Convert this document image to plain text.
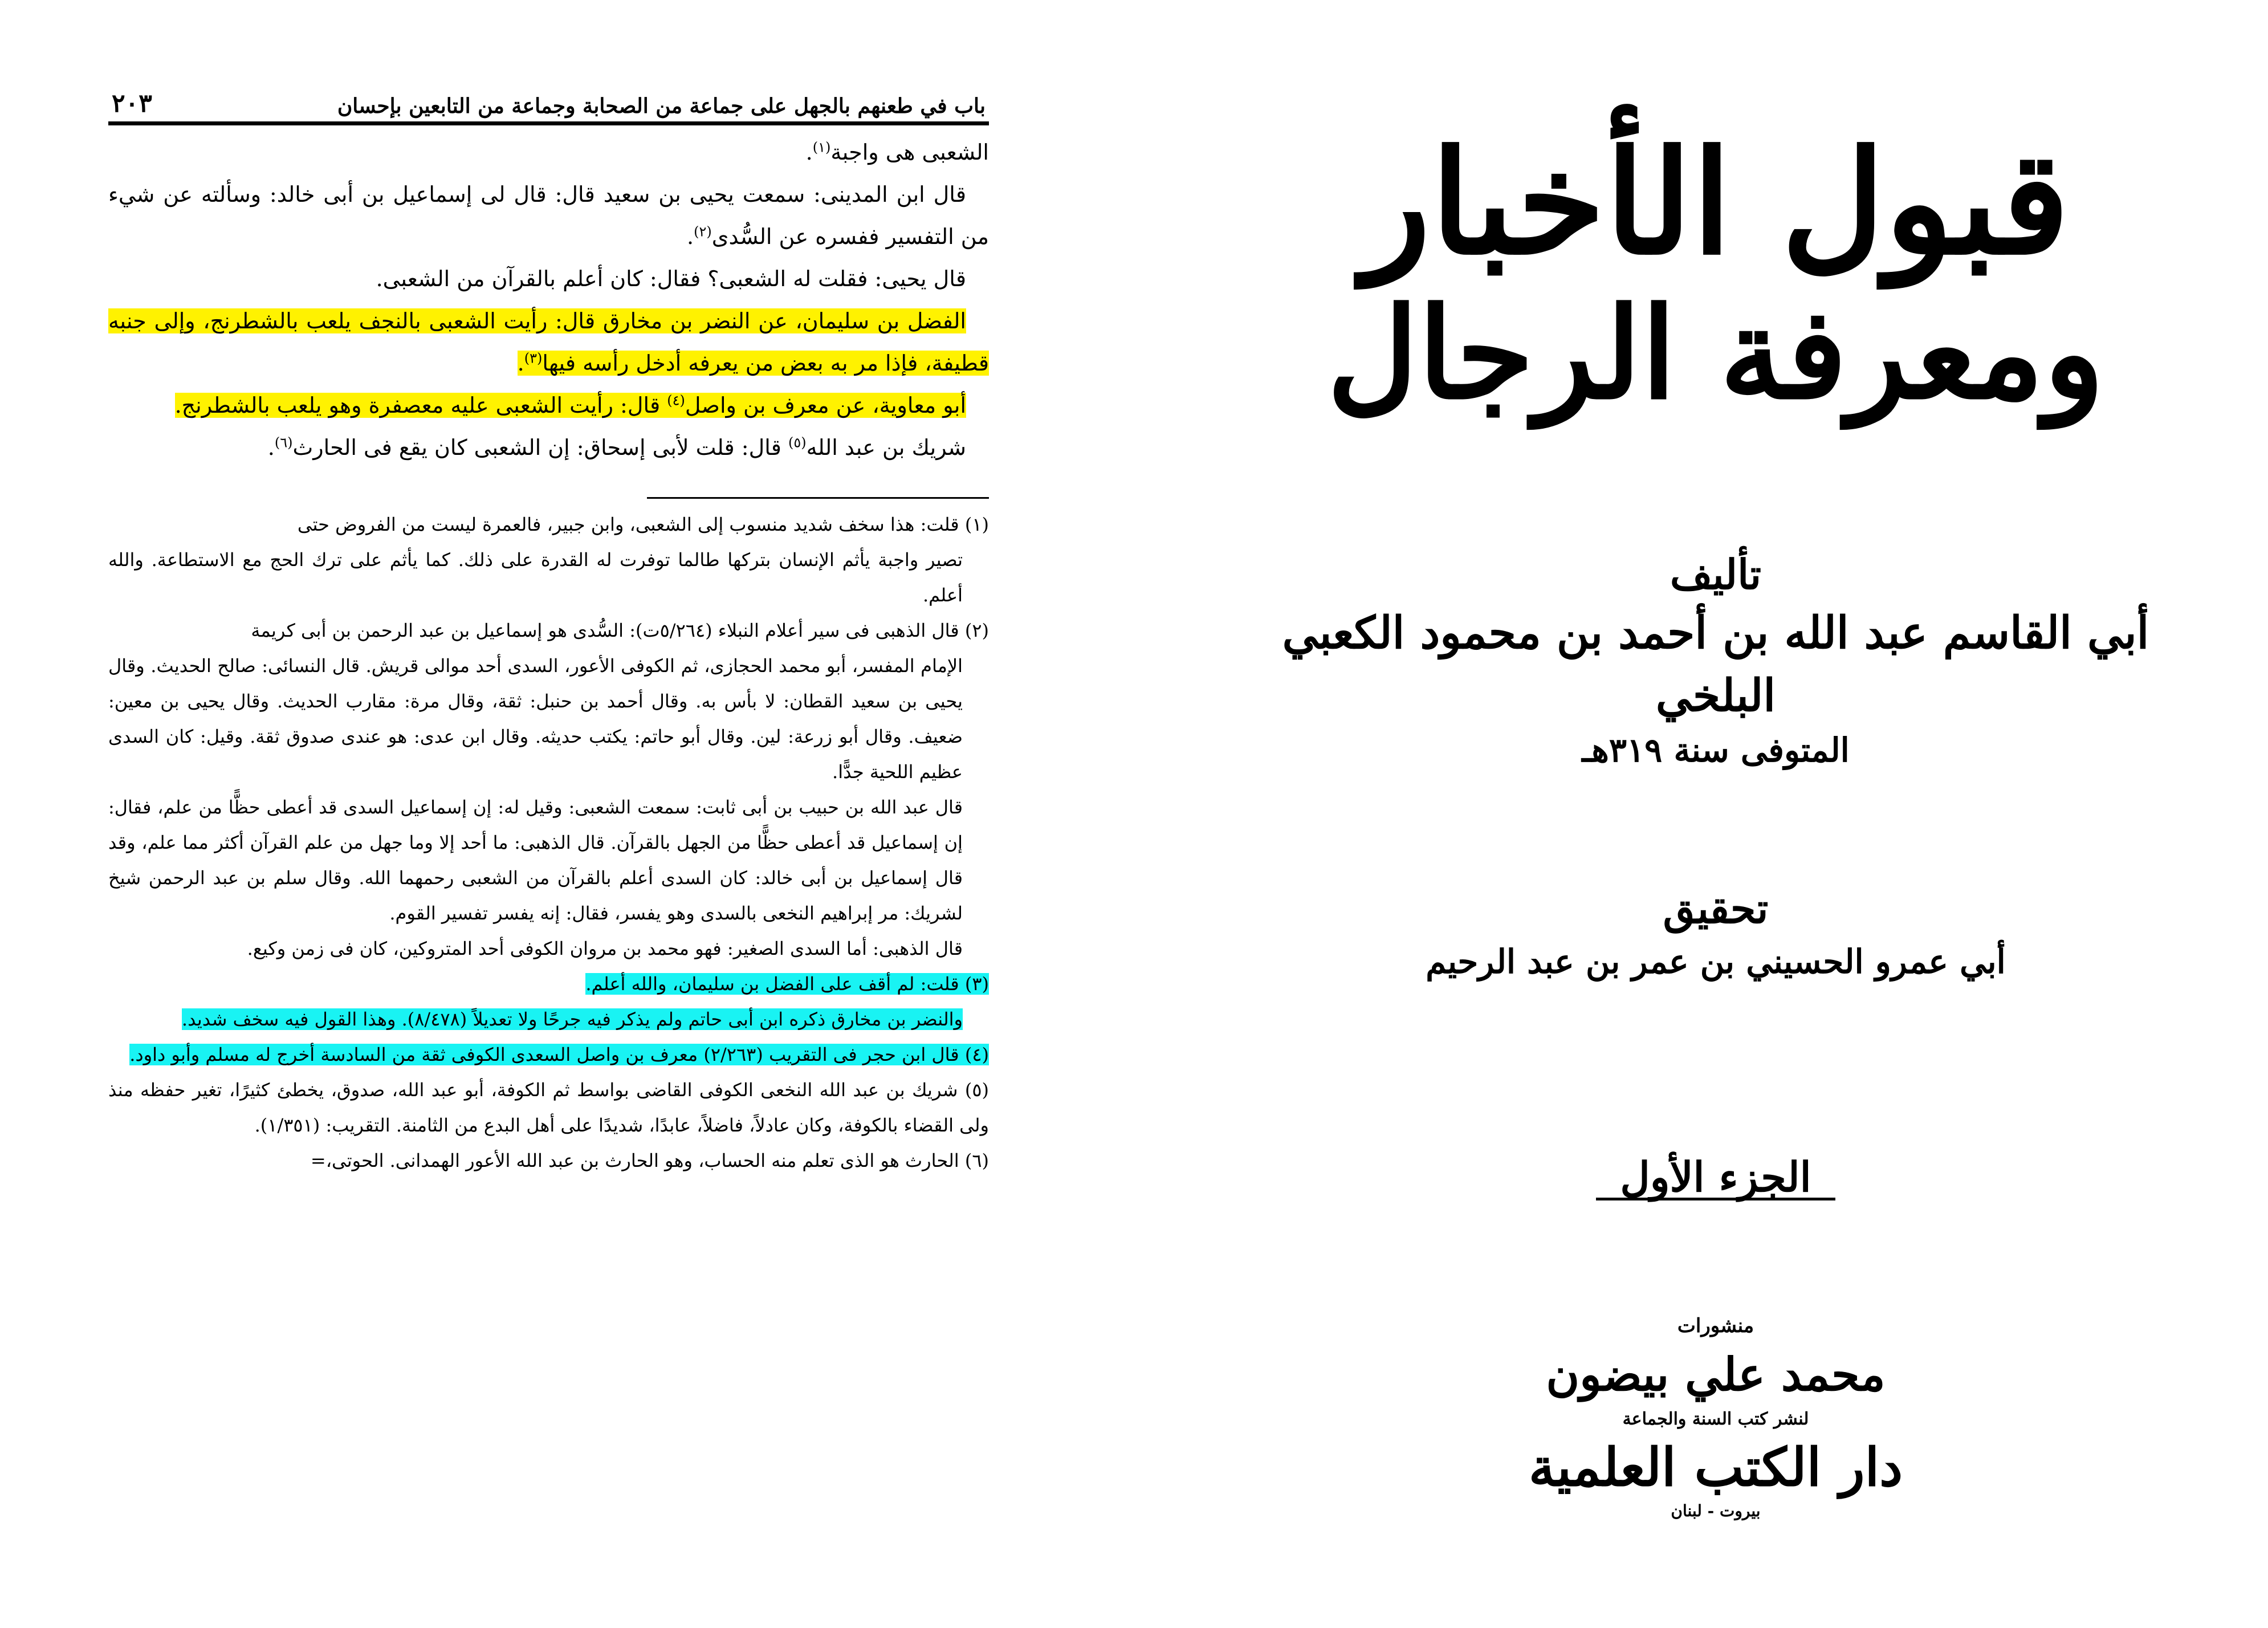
باب في طعنهم بالجهل على جماعة من الصحابة وجماعة من التابعين بإحسان
٢٠٣

الشعبى هى واجبة$^{(١)}$.

قال ابن المدينى: سمعت يحيى بن سعيد قال: قال لى إسماعيل بن أبى خالد: وسألته عن شيء من التفسير ففسره عن السُّدى$^{(٢)}$.

قال يحيى: فقلت له الشعبى؟ فقال: كان أعلم بالقرآن من الشعبى.

الفضل بن سليمان، عن النضر بن مخارق قال: رأيت الشعبى بالنجف يلعب بالشطرنج، وإلى جنبه قطيفة، فإذا مر به بعض من يعرفه أدخل رأسه فيها$^{(٣)}$.

أبو معاوية، عن معرف بن واصل$^{(٤)}$ قال: رأيت الشعبى عليه معصفرة وهو يلعب بالشطرنج.

شريك بن عبد الله$^{(٥)}$ قال: قلت لأبى إسحاق: إن الشعبى كان يقع فى الحارث$^{(٦)}$.

(١) قلت: هذا سخف شديد منسوب إلى الشعبى، وابن جبير، فالعمرة ليست من الفروض حتى

تصير واجبة يأثم الإنسان بتركها طالما توفرت له القدرة على ذلك. كما يأثم على ترك الحج مع الاستطاعة. والله أعلم.

(٢) قال الذهبى فى سير أعلام النبلاء (٥/٢٦٤ت): السُّدى هو إسماعيل بن عبد الرحمن بن أبى كريمة

الإمام المفسر، أبو محمد الحجازى، ثم الكوفى الأعور، السدى أحد موالى قريش. قال النسائى: صالح الحديث. وقال يحيى بن سعيد القطان: لا بأس به. وقال أحمد بن حنبل: ثقة، وقال مرة: مقارب الحديث. وقال يحيى بن معين: ضعيف. وقال أبو زرعة: لين. وقال أبو حاتم: يكتب حديثه. وقال ابن عدى: هو عندى صدوق ثقة. وقيل: كان السدى عظيم اللحية جدًّا.

قال عبد الله بن حبيب بن أبى ثابت: سمعت الشعبى: وقيل له: إن إسماعيل السدى قد أعطى حظًّا من علم، فقال: إن إسماعيل قد أعطى حظًّا من الجهل بالقرآن. قال الذهبى: ما أحد إلا وما جهل من علم القرآن أكثر مما علم، وقد قال إسماعيل بن أبى خالد: كان السدى أعلم بالقرآن من الشعبى رحمهما الله. وقال سلم بن عبد الرحمن شيخ لشريك: مر إبراهيم النخعى بالسدى وهو يفسر، فقال: إنه يفسر تفسير القوم.

قال الذهبى: أما السدى الصغير: فهو محمد بن مروان الكوفى أحد المتروكين، كان فى زمن وكيع.

(٣) قلت: لم أقف على الفضل بن سليمان، والله أعلم.

والنضر بن مخارق ذكره ابن أبى حاتم ولم يذكر فيه جرحًا ولا تعديلاً (٨/٤٧٨). وهذا القول فيه سخف شديد.

(٤) قال ابن حجر فى التقريب (٢/٢٦٣) معرف بن واصل السعدى الكوفى ثقة من السادسة أخرج له مسلم وأبو داود.

(٥) شريك بن عبد الله النخعى الكوفى القاضى بواسط ثم الكوفة، أبو عبد الله، صدوق، يخطئ كثيرًا، تغير حفظه منذ ولى القضاء بالكوفة، وكان عادلاً، فاضلاً، عابدًا، شديدًا على أهل البدع من الثامنة. التقريب: (١/٣٥١).

(٦) الحارث هو الذى تعلم منه الحساب، وهو الحارث بن عبد الله الأعور الهمدانى. الحوتى،=

قبول الأخبار
ومعرفة الرجال
تأليف
أبي القاسم عبد الله بن أحمد بن محمود الكعبي البلخي
المتوفى سنة ٣١٩هـ
تحقيق
أبي عمرو الحسيني بن عمر بن عبد الرحيم
الجزء الأول
منشورات
محمد علي بيضون
لنشر كتب السنة والجماعة
دار الكتب العلمية
بيروت - لبنان
